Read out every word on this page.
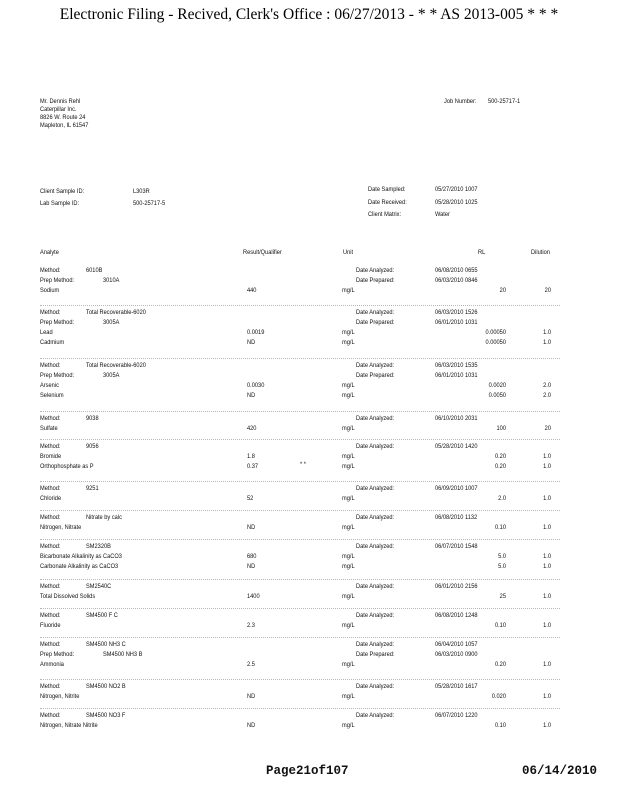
Electronic Filing - Recived, Clerk's Office : 06/27/2013 - * * AS 2013-005 * * *
Mr. Dennis Rehl
Caterpillar Inc.
8826 W. Route 24
Mapleton, IL 61547
Job Number: 500-25717-1
Client Sample ID:	L303R
Lab Sample ID:	500-25717-5
Date Sampled:	05/27/2010 1007
Date Received:	05/28/2010 1025
Client Matrix:	Water
Analyte	Result/Qualifier	Unit	RL	Dilution
Method:	6010B	Date Analyzed:	06/08/2010 0655
Prep Method:	3010A	Date Prepared:	06/03/2010 0846
Sodium	440	mg/L	20	20
Method:	Total Recoverable-6020	Date Analyzed:	06/03/2010 1526
Prep Method:	3005A	Date Prepared:	06/01/2010 1031
Lead	0.0019	mg/L	0.00050	1.0
Cadmium	ND	mg/L	0.00050	1.0
Method:	Total Recoverable-6020	Date Analyzed:	06/03/2010 1535
Prep Method:	3005A	Date Prepared:	06/01/2010 1031
Arsenic	0.0030	mg/L	0.0020	2.0
Selenium	ND	mg/L	0.0050	2.0
Method:	9038	Date Analyzed:	06/10/2010 2031
Sulfate	420	mg/L	100	20
Method:	9056	Date Analyzed:	05/28/2010 1420
Bromide	1.8	mg/L	0.20	1.0
Orthophosphate as P	0.37	* *	mg/L	0.20	1.0
Method:	9251	Date Analyzed:	06/09/2010 1007
Chloride	52	mg/L	2.0	1.0
Method:	Nitrate by calc	Date Analyzed:	06/08/2010 1132
Nitrogen, Nitrate	ND	mg/L	0.10	1.0
Method:	SM2320B	Date Analyzed:	06/07/2010 1548
Bicarbonate Alkalinity as CaCO3	680	mg/L	5.0	1.0
Carbonate Alkalinity as CaCO3	ND	mg/L	5.0	1.0
Method:	SM2540C	Date Analyzed:	06/01/2010 2156
Total Dissolved Solids	1400	mg/L	25	1.0
Method:	SM4500 F C	Date Analyzed:	06/08/2010 1248
Fluoride	2.3	mg/L	0.10	1.0
Method:	SM4500 NH3 C	Date Analyzed:	06/04/2010 1057
Prep Method:	SM4500 NH3 B	Date Prepared:	06/03/2010 0900
Ammonia	2.5	mg/L	0.20	1.0
Method:	SM4500 NO2 B	Date Analyzed:	05/28/2010 1617
Nitrogen, Nitrite	ND	mg/L	0.020	1.0
Method:	SM4500 NO3 F	Date Analyzed:	06/07/2010 1220
Nitrogen, Nitrate Nitrite	ND	mg/L	0.10	1.0
Page21of107	06/14/2010
